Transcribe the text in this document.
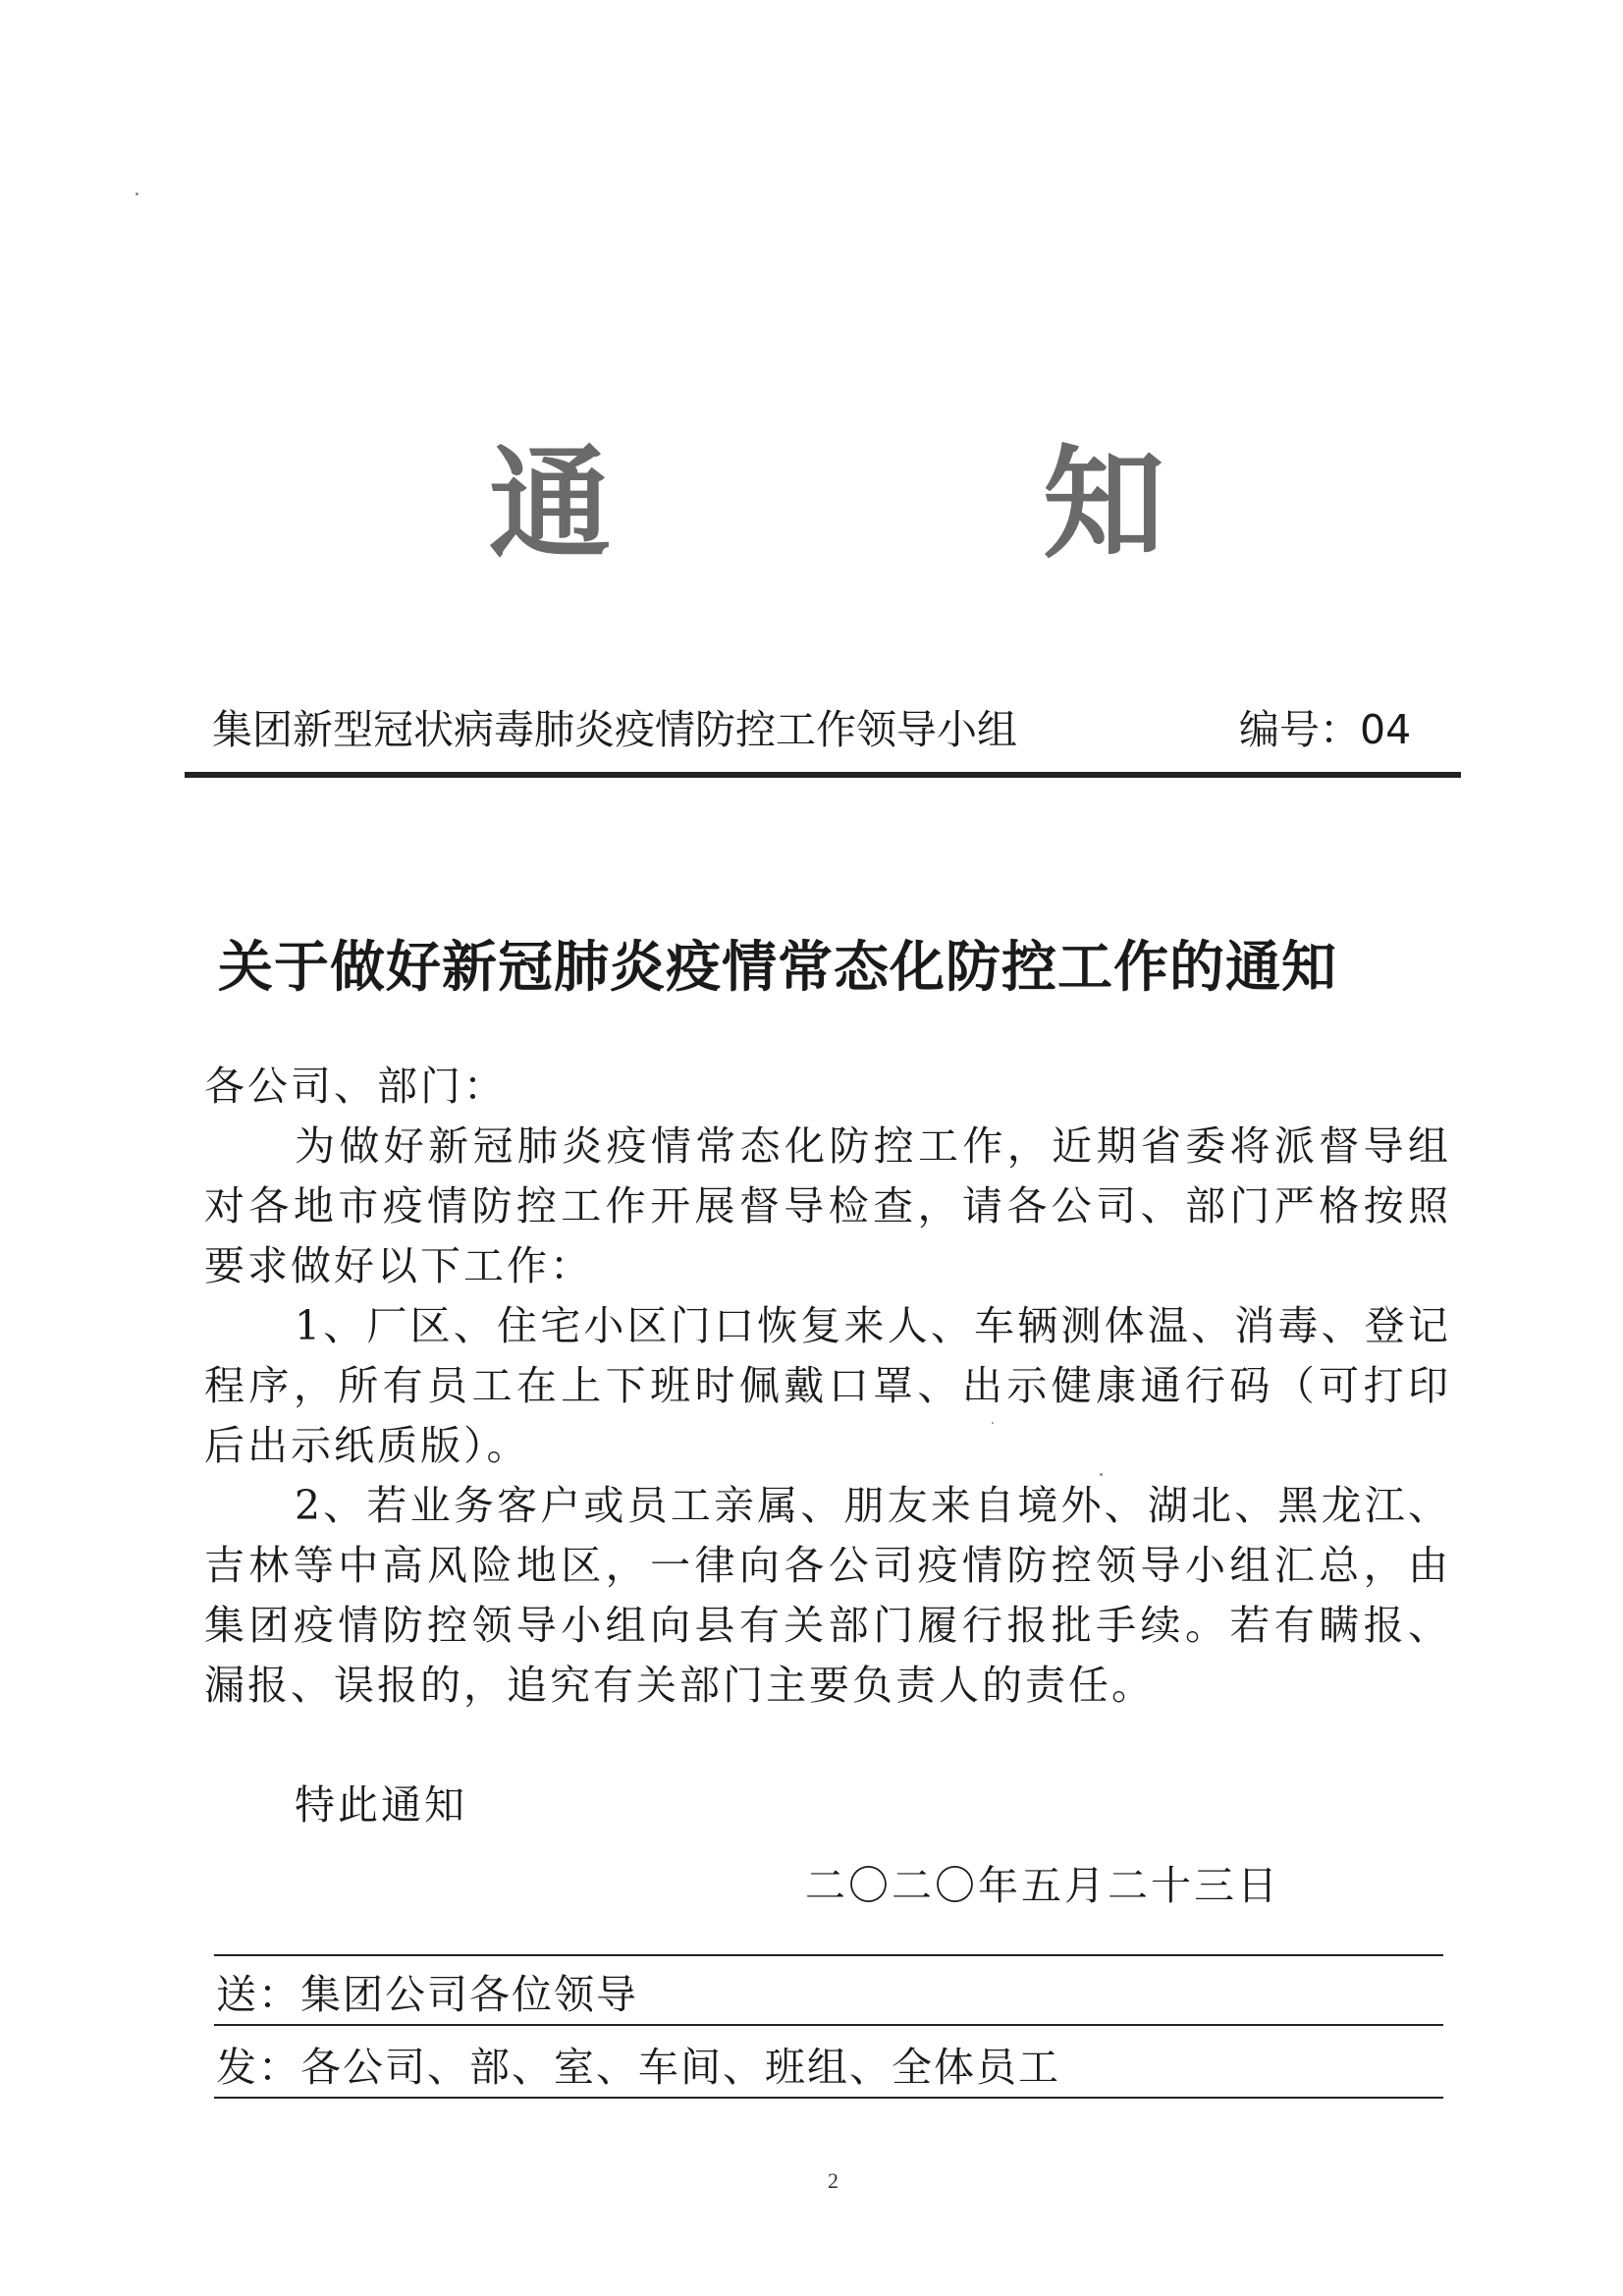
通	知
集团新型冠状病毒肺炎疫情防控工作领导小组	编号：04
关于做好新冠肺炎疫情常态化防控工作的通知
各公司、部门：
为做好新冠肺炎疫情常态化防控工作，近期省委将派督导组对各地市疫情防控工作开展督导检查，请各公司、部门严格按照要求做好以下工作：
1、厂区、住宅小区门口恢复来人、车辆测体温、消毒、登记程序，所有员工在上下班时佩戴口罩、出示健康通行码（可打印后出示纸质版）。
2、若业务客户或员工亲属、朋友来自境外、湖北、黑龙江、吉林等中高风险地区，一律向各公司疫情防控领导小组汇总，由集团疫情防控领导小组向县有关部门履行报批手续。若有瞒报、漏报、误报的，追究有关部门主要负责人的责任。
特此通知
二〇二〇年五月二十三日
送：集团公司各位领导
发：各公司、部、室、车间、班组、全体员工
2
